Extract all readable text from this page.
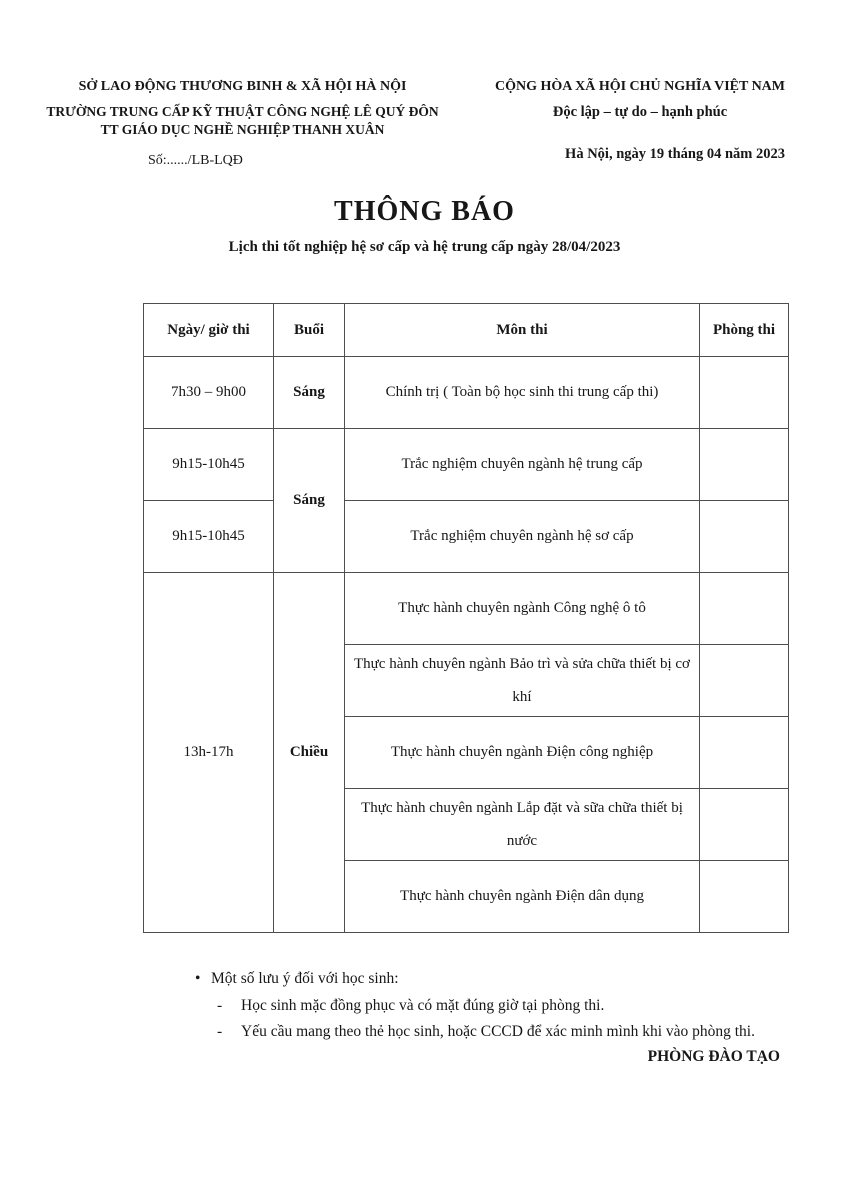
SỞ LAO ĐỘNG THƯƠNG BINH & XÃ HỘI HÀ NỘI
TRƯỜNG TRUNG CẤP KỸ THUẬT CÔNG NGHỆ LÊ QUÝ ĐÔN
TT GIÁO DỤC NGHỀ NGHIỆP THANH XUÂN
Số:....../LB-LQĐ
CỘNG HÒA XÃ HỘI CHỦ NGHĨA VIỆT NAM
Độc lập – tự do – hạnh phúc
Hà Nội, ngày 19 tháng 04 năm 2023
THÔNG BÁO
Lịch thi tốt nghiệp hệ sơ cấp và hệ trung cấp ngày 28/04/2023
Ngày/ giờ thi	Buổi	Môn thi	Phòng thi
7h30 – 9h00	Sáng	Chính trị ( Toàn bộ học sinh thi trung cấp thi)	
9h15-10h45	Sáng	Trắc nghiệm chuyên ngành hệ trung cấp	
9h15-10h45		Trắc nghiệm chuyên ngành hệ sơ cấp	
13h-17h	Chiều	Thực hành chuyên ngành Công nghệ ô tô	
		Thực hành chuyên ngành Bảo trì và sửa chữa thiết bị cơ khí	
		Thực hành chuyên ngành Điện công nghiệp	
		Thực hành chuyên ngành Lắp đặt và sữa chữa thiết bị nước	
		Thực hành chuyên ngành Điện dân dụng	
• Một số lưu ý đối với học sinh:
-	Học sinh mặc đồng phục và có mặt đúng giờ tại phòng thi.
-	Yếu cầu mang theo thẻ học sinh, hoặc CCCD để xác minh mình khi vào phòng thi.
PHÒNG ĐÀO TẠO
